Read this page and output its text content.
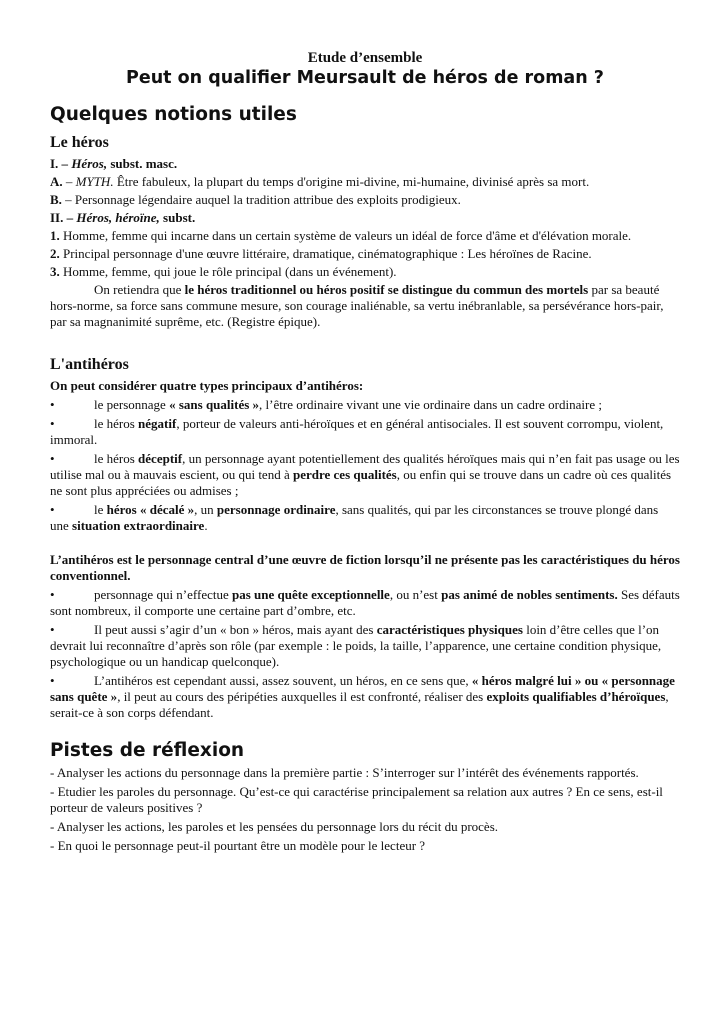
Etude d’ensemble

Peut on qualifier Meursault de héros de roman ?

Quelques notions utiles

Le héros

I. – Héros, subst. masc.

A. – MYTH. Être fabuleux, la plupart du temps d'origine mi-divine, mi-humaine, divinisé après sa mort.

B. – Personnage légendaire auquel la tradition attribue des exploits prodigieux.

II. – Héros, héroïne, subst.

1. Homme, femme qui incarne dans un certain système de valeurs un idéal de force d'âme et d'élévation morale.

2. Principal personnage d'une œuvre littéraire, dramatique, cinématographique : Les héroïnes de Racine.

3. Homme, femme, qui joue le rôle principal (dans un événement).

On retiendra que le héros traditionnel ou héros positif se distingue du commun des mortels par sa beauté hors-norme, sa force sans commune mesure, son courage inaliénable, sa vertu inébranlable, sa persévérance hors-pair, par sa magnanimité suprême, etc. (Registre épique).

L'antihéros

On peut considérer quatre types principaux d’antihéros:

•	le personnage « sans qualités », l’être ordinaire vivant une vie ordinaire dans un cadre ordinaire ;

•	le héros négatif, porteur de valeurs anti-héroïques et en général antisociales. Il est souvent corrompu, violent, immoral.

•	le héros déceptif, un personnage ayant potentiellement des qualités héroïques mais qui n’en fait pas usage ou les utilise mal ou à mauvais escient, ou qui tend à perdre ces qualités, ou enfin qui se trouve dans un cadre où ces qualités ne sont plus appréciées ou admises ;

•	le héros « décalé », un personnage ordinaire, sans qualités, qui par les circonstances se trouve plongé dans une situation extraordinaire.

L’antihéros est le personnage central d’une œuvre de fiction lorsqu’il ne présente pas les caractéristiques du héros conventionnel.

•	personnage qui n’effectue pas une quête exceptionnelle, ou n’est pas animé de nobles sentiments. Ses défauts sont nombreux, il comporte une certaine part d’ombre, etc.

•	Il peut aussi s’agir d’un « bon » héros, mais ayant des caractéristiques physiques loin d’être celles que l’on devrait lui reconnaître d’après son rôle (par exemple : le poids, la taille, l’apparence, une certaine condition physique, psychologique ou un handicap quelconque).

•	L’antihéros est cependant aussi, assez souvent, un héros, en ce sens que, « héros malgré lui » ou « personnage sans quête », il peut au cours des péripéties auxquelles il est confronté, réaliser des exploits qualifiables d’héroïques, serait-ce à son corps défendant.

Pistes de réflexion

- Analyser les actions du personnage dans la première partie : S’interroger sur l’intérêt des événements rapportés.

- Etudier les paroles du personnage. Qu’est-ce qui caractérise principalement sa relation aux autres ? En ce sens, est-il porteur de valeurs positives ?

- Analyser les actions, les paroles et les pensées du personnage lors du récit du procès.

- En quoi le personnage peut-il pourtant être un modèle pour le lecteur ?
